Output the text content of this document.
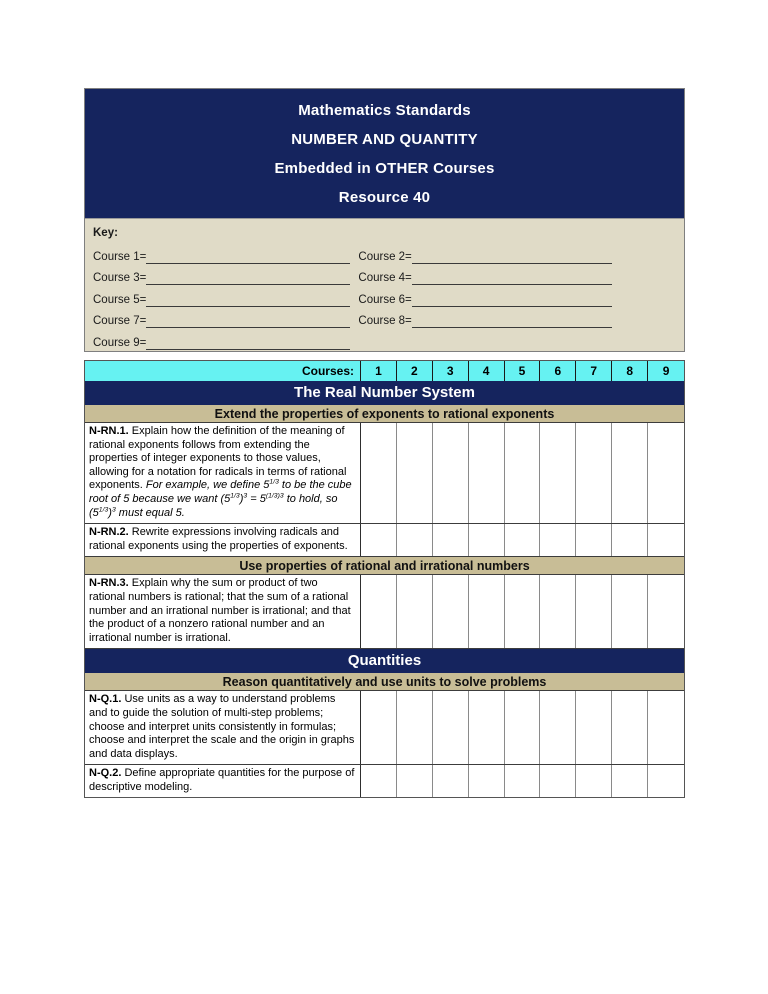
Mathematics Standards
NUMBER AND QUANTITY
Embedded in OTHER Courses
Resource 40
Key:
Course 1=	Course 2=
Course 3=	Course 4=
Course 5=	Course 6=
Course 7=	Course 8=
Course 9=
Courses:	1	2	3	4	5	6	7	8	9
The Real Number System
Extend the properties of exponents to rational exponents
N-RN.1. Explain how the definition of the meaning of rational exponents follows from extending the properties of integer exponents to those values, allowing for a notation for radicals in terms of rational exponents. For example, we define $5^{1/3}$ to be the cube root of 5 because we want $(5^{1/3})^3 = 5^{(1/3)3}$ to hold, so $(5^{1/3})^3$ must equal 5.
N-RN.2. Rewrite expressions involving radicals and rational exponents using the properties of exponents.
Use properties of rational and irrational numbers
N-RN.3. Explain why the sum or product of two rational numbers is rational; that the sum of a rational number and an irrational number is irrational; and that the product of a nonzero rational number and an irrational number is irrational.
Quantities
Reason quantitatively and use units to solve problems
N-Q.1. Use units as a way to understand problems and to guide the solution of multi-step problems; choose and interpret units consistently in formulas; choose and interpret the scale and the origin in graphs and data displays.
N-Q.2. Define appropriate quantities for the purpose of descriptive modeling.
